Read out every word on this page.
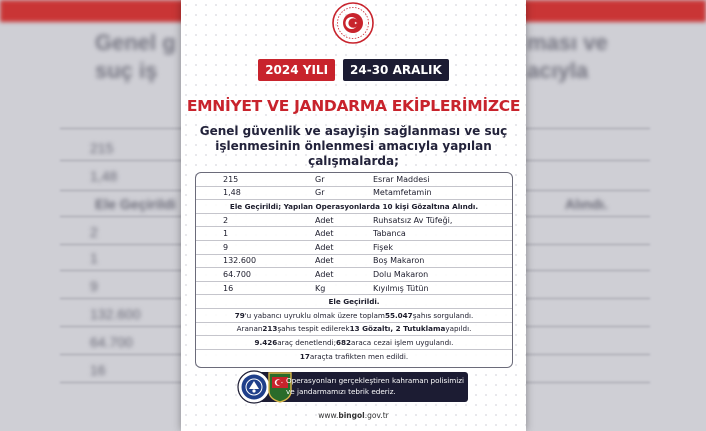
Genel g
suç iş
ması ve
acıyla
215
1,48
Ele Geçirildi
2
1
9
132.600
64.700
16
Alındı.
2024 YILI 24-30 ARALIK
EMNİYET VE JANDARMA EKİPLERİMİZCE
Genel güvenlik ve asayişin sağlanması ve suç işlenmesinin önlenmesi amacıyla yapılan çalışmalarda;
215	Gr	Esrar Maddesi
1,48	Gr	Metamfetamin
Ele Geçirildi; Yapılan Operasyonlarda 10 kişi Gözaltına Alındı.
2	Adet	Ruhsatsız Av Tüfeği,
1	Adet	Tabanca
9	Adet	Fişek
132.600	Adet	Boş Makaron
64.700	Adet	Dolu Makaron
16	Kg	Kıyılmış Tütün
Ele Geçirildi.
79 'u yabancı uyruklu olmak üzere toplam 55.047 şahıs sorgulandı.
Aranan 213 şahıs tespit edilerek 13 Gözaltı, 2 Tutuklama yapıldı.
9.426 araç denetlendi; 682 araca cezai işlem uygulandı.
17 araçta trafikten men edildi.
Operasyonları gerçekleştiren kahraman polisimizi ve jandarmamızı tebrik ederiz.
www.bingol.gov.tr
